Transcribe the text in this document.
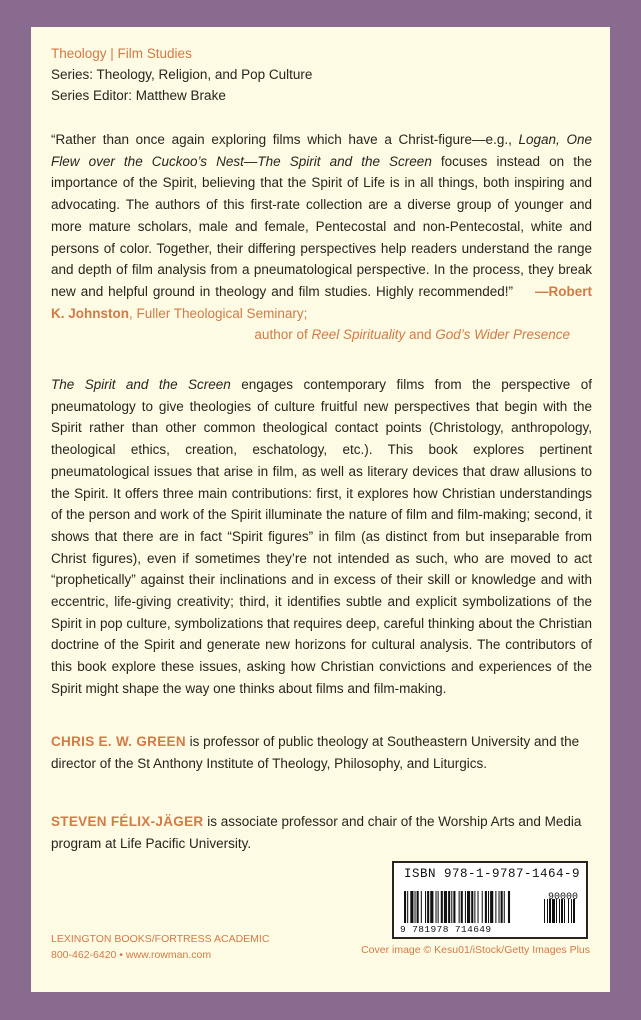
Theology | Film Studies
Series: Theology, Religion, and Pop Culture
Series Editor: Matthew Brake

“Rather than once again exploring films which have a Christ-figure—e.g., Logan, One Flew over the Cuckoo’s Nest—The Spirit and the Screen focuses instead on the importance of the Spirit, believing that the Spirit of Life is in all things, both inspiring and advocating. The authors of this first-rate collection are a diverse group of younger and more mature scholars, male and female, Pentecostal and non-Pentecostal, white and persons of color. Together, their differing perspectives help readers understand the range and depth of film analysis from a pneumatological perspective. In the process, they break new and helpful ground in theology and film studies. Highly recommended!” —Robert K. Johnston, Fuller Theological Seminary;

author of Reel Spirituality and God’s Wider Presence

The Spirit and the Screen engages contemporary films from the perspective of pneumatology to give theologies of culture fruitful new perspectives that begin with the Spirit rather than other common theological contact points (Christology, anthropology, theological ethics, creation, eschatology, etc.). This book explores pertinent pneumatological issues that arise in film, as well as literary devices that draw allusions to the Spirit. It offers three main contributions: first, it explores how Christian understandings of the person and work of the Spirit illuminate the nature of film and film-making; second, it shows that there are in fact “Spirit figures” in film (as distinct from but inseparable from Christ figures), even if sometimes they’re not intended as such, who are moved to act “prophetically” against their inclinations and in excess of their skill or knowledge and with eccentric, life-giving creativity; third, it identifies subtle and explicit symbolizations of the Spirit in pop culture, symbolizations that requires deep, careful thinking about the Christian doctrine of the Spirit and generate new horizons for cultural analysis. The contributors of this book explore these issues, asking how Christian convictions and experiences of the Spirit might shape the way one thinks about films and film-making.
CHRIS E. W. GREEN is professor of public theology at Southeastern University and the director of the St Anthony Institute of Theology, Philosophy, and Liturgics.
STEVEN FÉLIX-JÄGER is associate professor and chair of the Worship Arts and Media program at Life Pacific University.
ISBN 978-1-9787-1464-9
90000
9 781978 714649
LEXINGTON BOOKS/FORTRESS ACADEMIC
800-462-6420 • www.rowman.com	Cover image © Kesu01/iStock/Getty Images Plus
